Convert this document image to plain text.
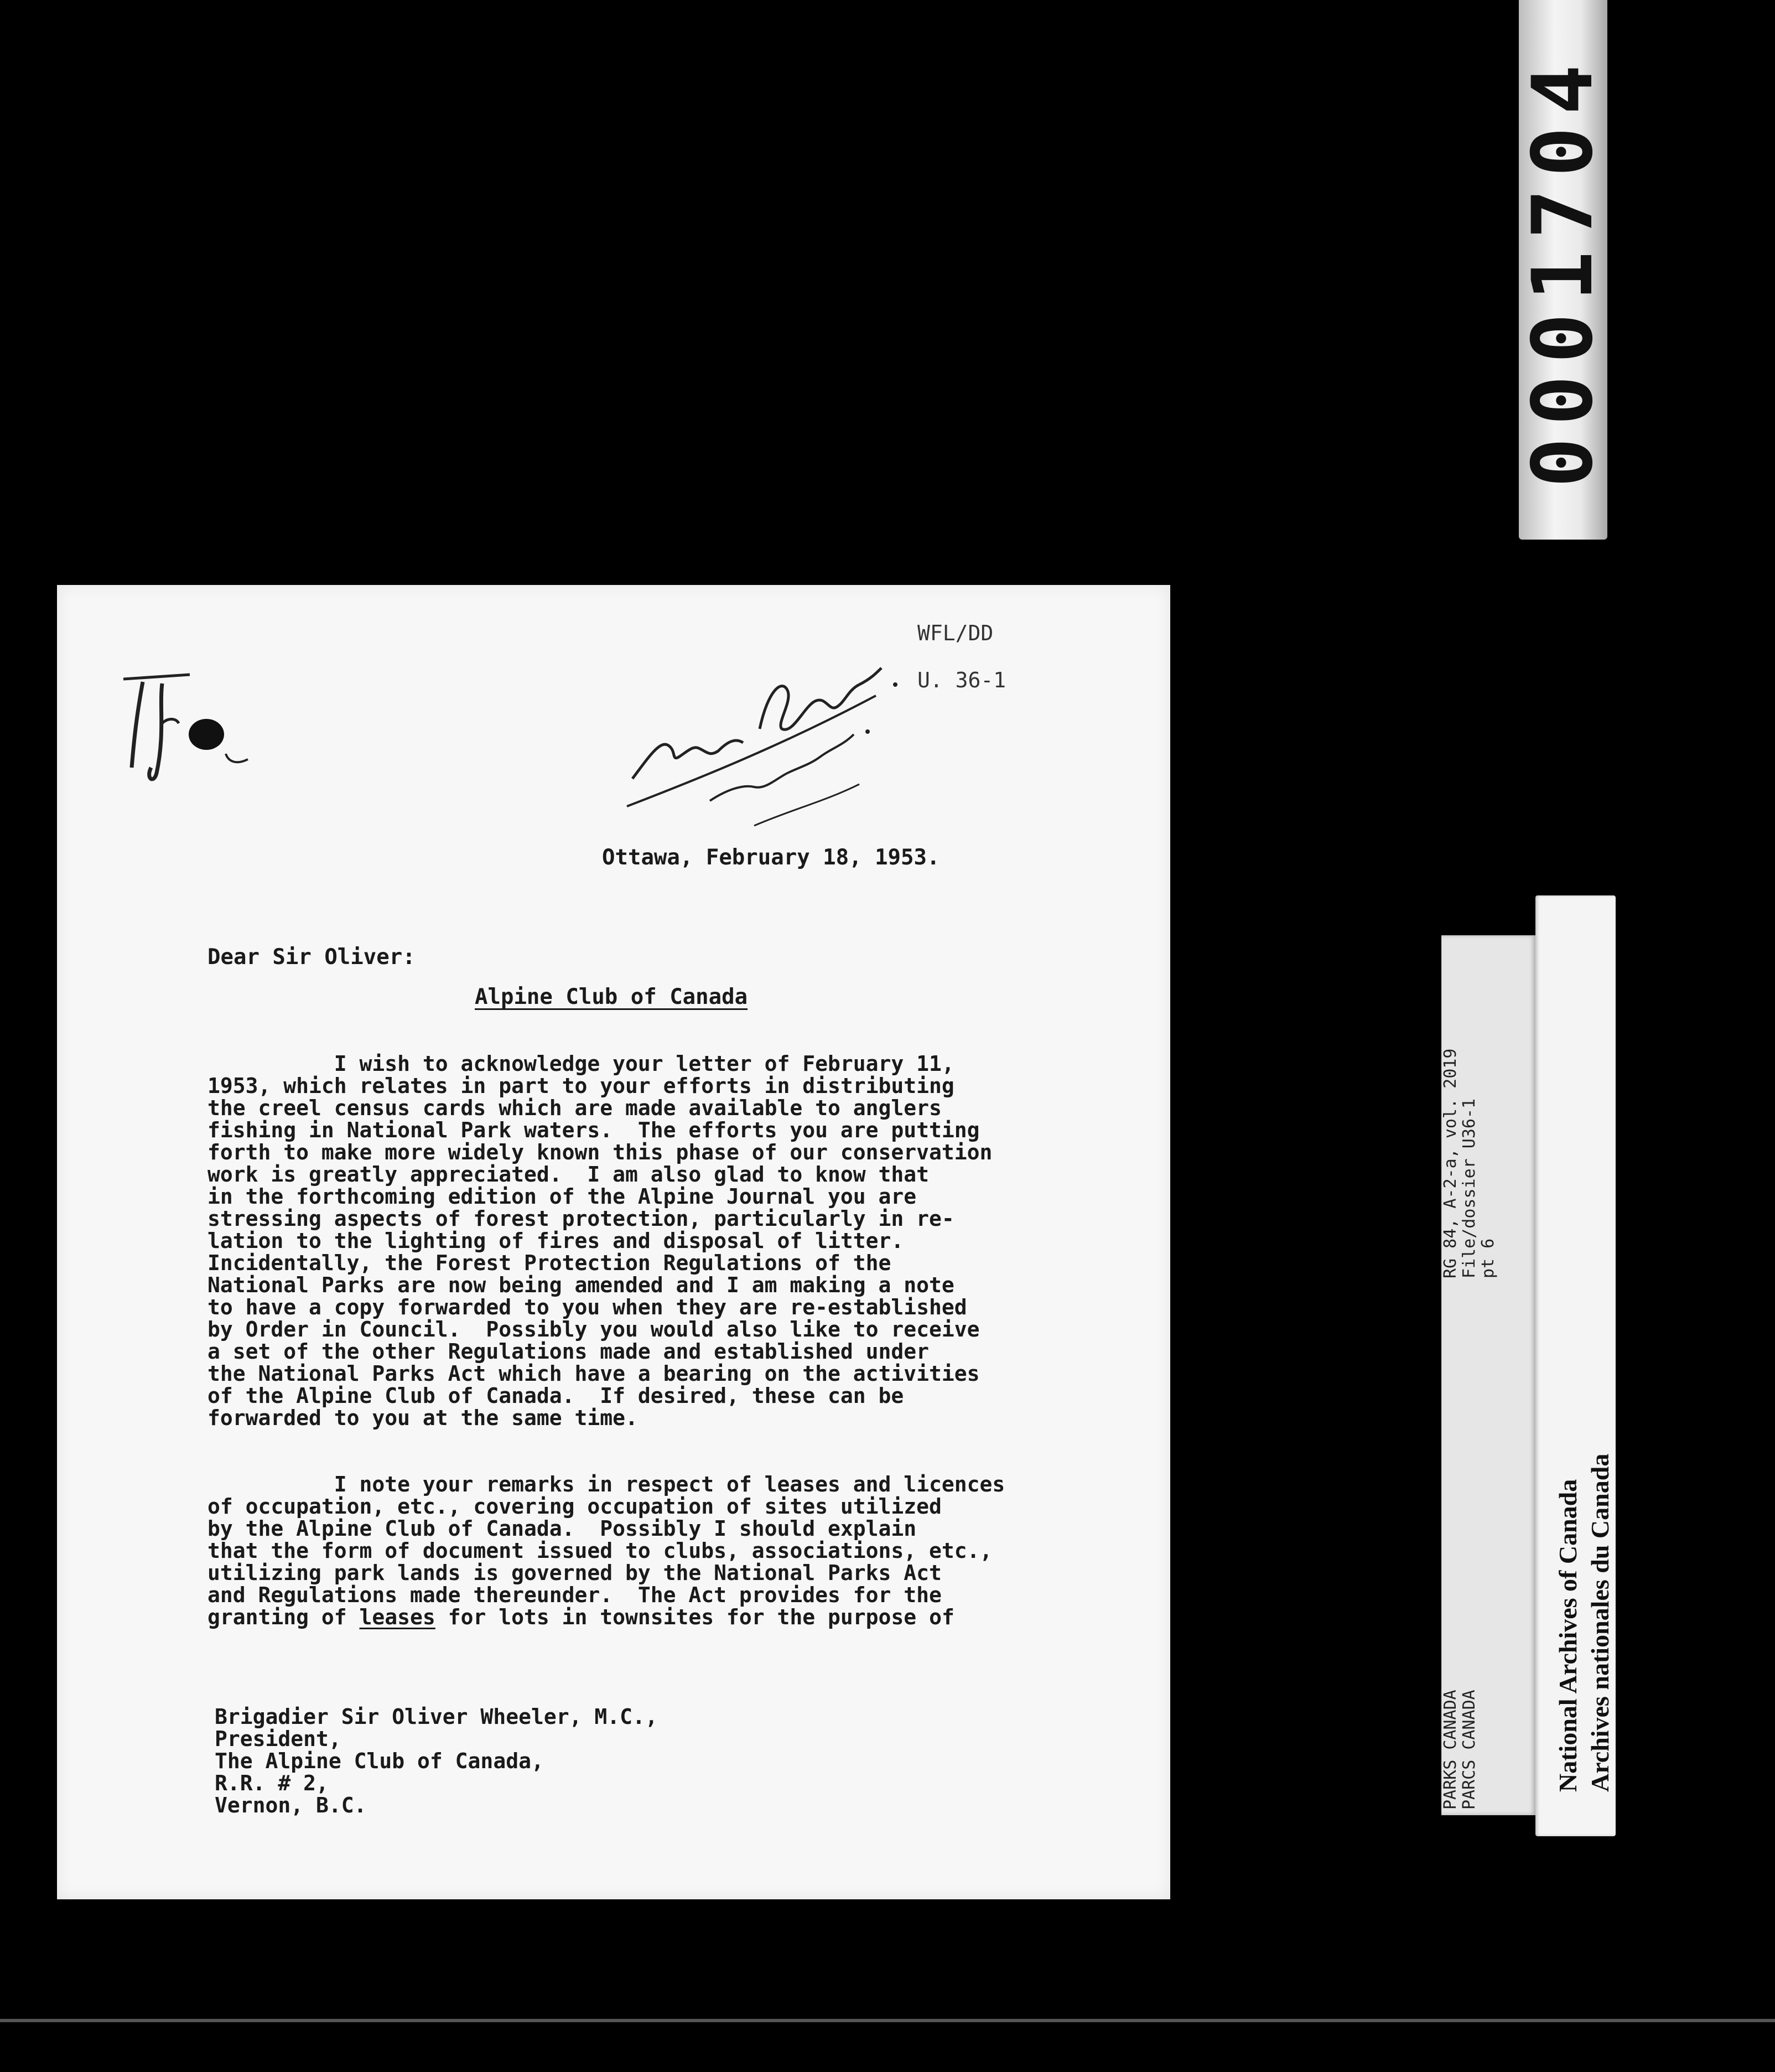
0001704
WFL/DD
U. 36-1
Ottawa, February 18, 1953.
Dear Sir Oliver:
Alpine Club of Canada
I wish to acknowledge your letter of February 11,
1953, which relates in part to your efforts in distributing
the creel census cards which are made available to anglers
fishing in National Park waters.  The efforts you are putting
forth to make more widely known this phase of our conservation
work is greatly appreciated.  I am also glad to know that
in the forthcoming edition of the Alpine Journal you are
stressing aspects of forest protection, particularly in re-
lation to the lighting of fires and disposal of litter.
Incidentally, the Forest Protection Regulations of the
National Parks are now being amended and I am making a note
to have a copy forwarded to you when they are re-established
by Order in Council.  Possibly you would also like to receive
a set of the other Regulations made and established under
the National Parks Act which have a bearing on the activities
of the Alpine Club of Canada.  If desired, these can be
forwarded to you at the same time.
I note your remarks in respect of leases and licences
of occupation, etc., covering occupation of sites utilized
by the Alpine Club of Canada.  Possibly I should explain
that the form of document issued to clubs, associations, etc.,
utilizing park lands is governed by the National Parks Act
and Regulations made thereunder.  The Act provides for the
granting of leases for lots in townsites for the purpose of
Brigadier Sir Oliver Wheeler, M.C.,
President,
The Alpine Club of Canada,
R.R. # 2,
Vernon, B.C.
RG 84, A-2-a, vol. 2019
File/dossier U36-1
pt 6
PARKS CANADA
PARCS CANADA	National Archives of Canada Archives nationales du Canada
